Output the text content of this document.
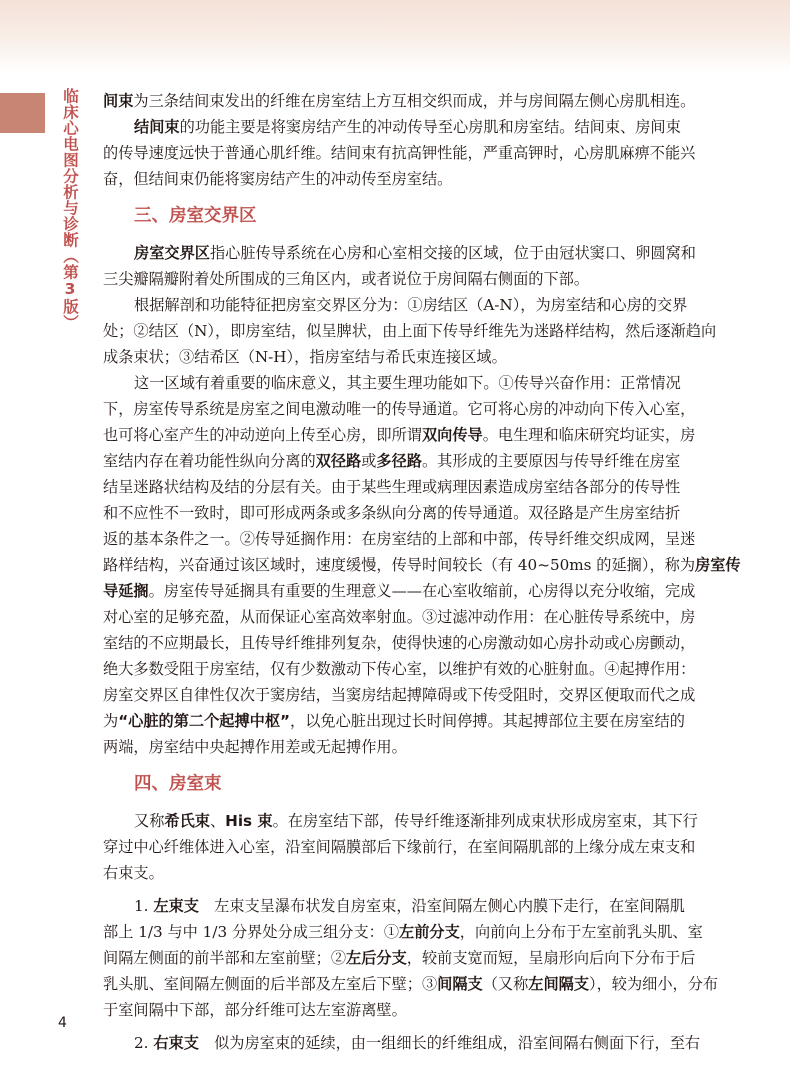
临床心电图分析与诊断（第3版） 间束为三条结间束发出的纤维在房室结上方互相交织而成，并与房间隔左侧心房肌相连。
结间束的功能主要是将窦房结产生的冲动传导至心房肌和房室结。结间束、房间束
的传导速度远快于普通心肌纤维。结间束有抗高钾性能，严重高钾时，心房肌麻痹不能兴
奋，但结间束仍能将窦房结产生的冲动传至房室结。
三、房室交界区
房室交界区指心脏传导系统在心房和心室相交接的区域，位于由冠状窦口、卵圆窝和
三尖瓣隔瓣附着处所围成的三角区内，或者说位于房间隔右侧面的下部。
根据解剖和功能特征把房室交界区分为：①房结区（A-N），为房室结和心房的交界
处；②结区（N），即房室结，似呈脾状，由上面下传导纤维先为迷路样结构，然后逐渐趋向
成条束状；③结希区（N-H），指房室结与希氏束连接区域。
这一区域有着重要的临床意义，其主要生理功能如下。①传导兴奋作用：正常情况
下，房室传导系统是房室之间电激动唯一的传导通道。它可将心房的冲动向下传入心室，
也可将心室产生的冲动逆向上传至心房，即所谓双向传导。电生理和临床研究均证实，房
室结内存在着功能性纵向分离的双径路或多径路。其形成的主要原因与传导纤维在房室
结呈迷路状结构及结的分层有关。由于某些生理或病理因素造成房室结各部分的传导性
和不应性不一致时，即可形成两条或多条纵向分离的传导通道。双径路是产生房室结折
返的基本条件之一。②传导延搁作用：在房室结的上部和中部，传导纤维交织成网，呈迷
路样结构，兴奋通过该区域时，速度缓慢，传导时间较长（有 40~50ms 的延搁），称为房室传
导延搁。房室传导延搁具有重要的生理意义——在心室收缩前，心房得以充分收缩，完成
对心室的足够充盈，从而保证心室高效率射血。③过滤冲动作用：在心脏传导系统中，房
室结的不应期最长，且传导纤维排列复杂，使得快速的心房激动如心房扑动或心房颤动，
绝大多数受阻于房室结，仅有少数激动下传心室，以维护有效的心脏射血。④起搏作用：
房室交界区自律性仅次于窦房结，当窦房结起搏障碍或下传受阻时，交界区便取而代之成
为“心脏的第二个起搏中枢”，以免心脏出现过长时间停搏。其起搏部位主要在房室结的
两端，房室结中央起搏作用差或无起搏作用。
四、房室束
又称希氏束、His 束。在房室结下部，传导纤维逐渐排列成束状形成房室束，其下行
穿过中心纤维体进入心室，沿室间隔膜部后下缘前行，在室间隔肌部的上缘分成左束支和
右束支。
1. 左束支　左束支呈瀑布状发自房室束，沿室间隔左侧心内膜下走行，在室间隔肌
部上 1/3 与中 1/3 分界处分成三组分支：①左前分支，向前向上分布于左室前乳头肌、室
间隔左侧面的前半部和左室前壁；②左后分支，较前支宽而短，呈扇形向后向下分布于后
乳头肌、室间隔左侧面的后半部及左室后下壁；③间隔支（又称左间隔支），较为细小，分布
于室间隔中下部，部分纤维可达左室游离壁。
2. 右束支　似为房室束的延续，由一组细长的纤维组成，沿室间隔右侧面下行，至右
4
